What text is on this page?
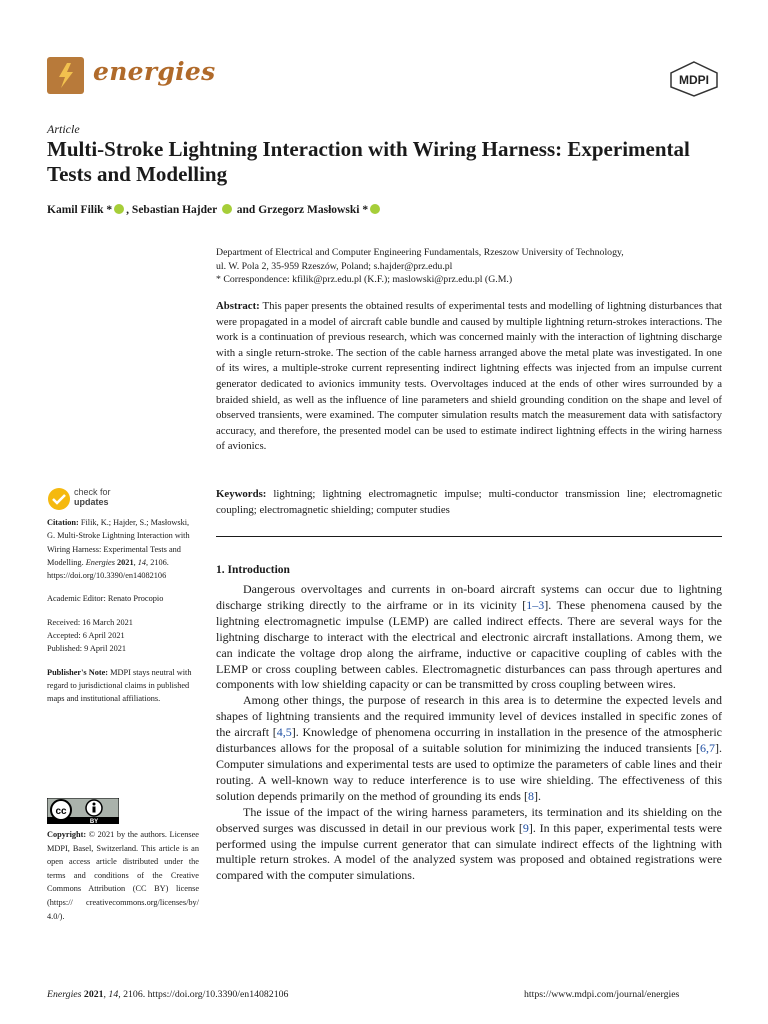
energies	MDPI
Article
Multi-Stroke Lightning Interaction with Wiring Harness: Experimental Tests and Modelling
Kamil Filik * , Sebastian Hajder  and Grzegorz Masłowski *
Department of Electrical and Computer Engineering Fundamentals, Rzeszow University of Technology,
ul. W. Pola 2, 35-959 Rzeszów, Poland; s.hajder@prz.edu.pl
* Correspondence: kfilik@prz.edu.pl (K.F.); maslowski@prz.edu.pl (G.M.)
Abstract: This paper presents the obtained results of experimental tests and modelling of lightning disturbances that were propagated in a model of aircraft cable bundle and caused by multiple lightning return-strokes interactions. The work is a continuation of previous research, which was concerned mainly with the interaction of lightning discharge with a single return-stroke. The section of the cable harness arranged above the metal plate was investigated. In one of its wires, a multiple-stroke current representing indirect lightning effects was injected from an impulse current generator dedicated to avionics immunity tests. Overvoltages induced at the ends of other wires surrounded by a braided shield, as well as the influence of line parameters and shield grounding condition on the shape and level of observed transients, were examined. The computer simulation results match the measurement data with satisfactory accuracy, and therefore, the presented model can be used to estimate indirect lightning effects in the wiring harness of avionics.
Keywords: lightning; lightning electromagnetic impulse; multi-conductor transmission line; electromagnetic coupling; electromagnetic shielding; computer studies
1. Introduction

Dangerous overvoltages and currents in on-board aircraft systems can occur due to lightning discharge striking directly to the airframe or in its vicinity [1–3]. These phenomena caused by the lightning electromagnetic impulse (LEMP) are called indirect effects. There are several ways for the lightning discharge to interact with the electrical and electronic aircraft installations. Among them, we can indicate the voltage drop along the airframe, inductive or capacitive coupling of cables with the LEMP or cross coupling between cables. Electromagnetic disturbances can pass through apertures and components with low shielding capacity or can be transmitted by cross coupling between wires.

Among other things, the purpose of research in this area is to determine the expected levels and shapes of lightning transients and the required immunity level of devices installed in specific zones of the aircraft [4,5]. Knowledge of phenomena occurring in installation in the presence of the atmospheric disturbances allows for the proposal of a suitable solution for minimizing the induced transients [6,7]. Computer simulations and experimental tests are used to optimize the parameters of cable lines and their routing. A well-known way to reduce interference is to use wire shielding. The effectiveness of this solution depends primarily on the method of grounding its ends [8].

The issue of the impact of the wiring harness parameters, its termination and its shielding on the observed surges was discussed in detail in our previous work [9]. In this paper, experimental tests were performed using the impulse current generator that can simulate indirect effects of the lightning with multiple return strokes. A model of the analyzed system was proposed and obtained registrations were compared with the computer simulations.

check for
updates

Citation: Filik, K.; Hajder, S.; Masłowski, G. Multi-Stroke Lightning Interaction with Wiring Harness: Experimental Tests and Modelling. Energies 2021, 14, 2106. https://doi.org/10.3390/en14082106

Academic Editor: Renato Procopio

Received: 16 March 2021
Accepted: 6 April 2021
Published: 9 April 2021

Publisher's Note: MDPI stays neutral with regard to jurisdictional claims in published maps and institutional affiliations.

cc
BY
Copyright: © 2021 by the authors. Licensee MDPI, Basel, Switzerland. This article is an open access article distributed under the terms and conditions of the Creative Commons Attribution (CC BY) license (https:// creativecommons.org/licenses/by/ 4.0/).
Energies 2021, 14, 2106. https://doi.org/10.3390/en14082106	https://www.mdpi.com/journal/energies
